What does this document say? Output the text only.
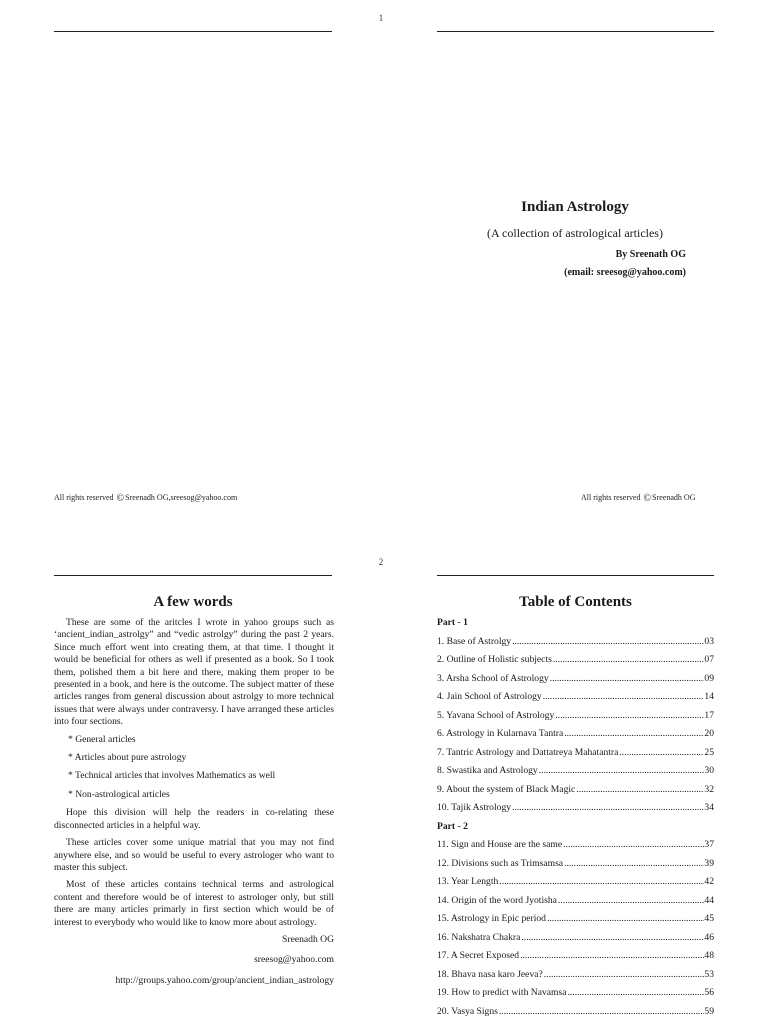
1
Indian Astrology
(A collection of astrological articles)
By Sreenath OG
(email: sreesog@yahoo.com)
All rights reserved ©Sreenadh OG,sreesog@yahoo.com	All rights reserved ©Sreenadh OG
2
A few words

These are some of the aritcles I wrote in yahoo groups such as ‘ancient_indian_astrolgy” and “vedic astrolgy” during the past 2 years. Since much effort went into creating them, at that time. I thought it would be beneficial for others as well if presented as a book. So I took them, polished them a bit here and there, making them proper to be presented in a book, and here is the outcome. The subject matter of these articles ranges from general discussion about astrolgy to more technical issues that were always under contraversy. I have arranged these articles into four sections.

* General articles
* Articles about pure astrology
* Technical articles that involves Mathematics as well
* Non-astrological articles

Hope this division will help the readers in co-relating these disconnected articles in a helpful way.

These articles cover some unique matrial that you may not find anywhere else, and so would be useful to every astrologer who want to master this subject.

Most of these articles contains technical terms and astrological content and therefore would be of interest to astrologer only, but still there are many articles primarly in first section which would be of interest to everybody who would like to know more about astrology.

Sreenadh OG
sreesog@yahoo.com
http://groups.yahoo.com/group/ancient_indian_astrology
Table of Contents
Part - 1
1. Base of Astrolgy .....	03
2. Outline of Holistic subjects .....	07
3. Arsha School of Astrology .....	09
4. Jain School of Astrology .....	14
5. Yavana School of Astrology .....	17
6. Astrology in Kularnava Tantra .....	20
7. Tantric Astrology and Dattatreya Mahatantra .....	25
8. Swastika and Astrology .....	30
9. About the system of Black Magic .....	32
10. Tajik Astrology .....	34
Part - 2
11. Sign and House are the same .....	37
12. Divisions such as Trimsamsa .....	39
13. Year Length .....	42
14. Origin of the word Jyotisha .....	44
15. Astrology in Epic period .....	45
16. Nakshatra Chakra .....	46
17. A Secret Exposed .....	48
18. Bhava nasa karo Jeeva? .....	53
19. How to predict with Navamsa .....	56
20. Vasya Signs .....	59
